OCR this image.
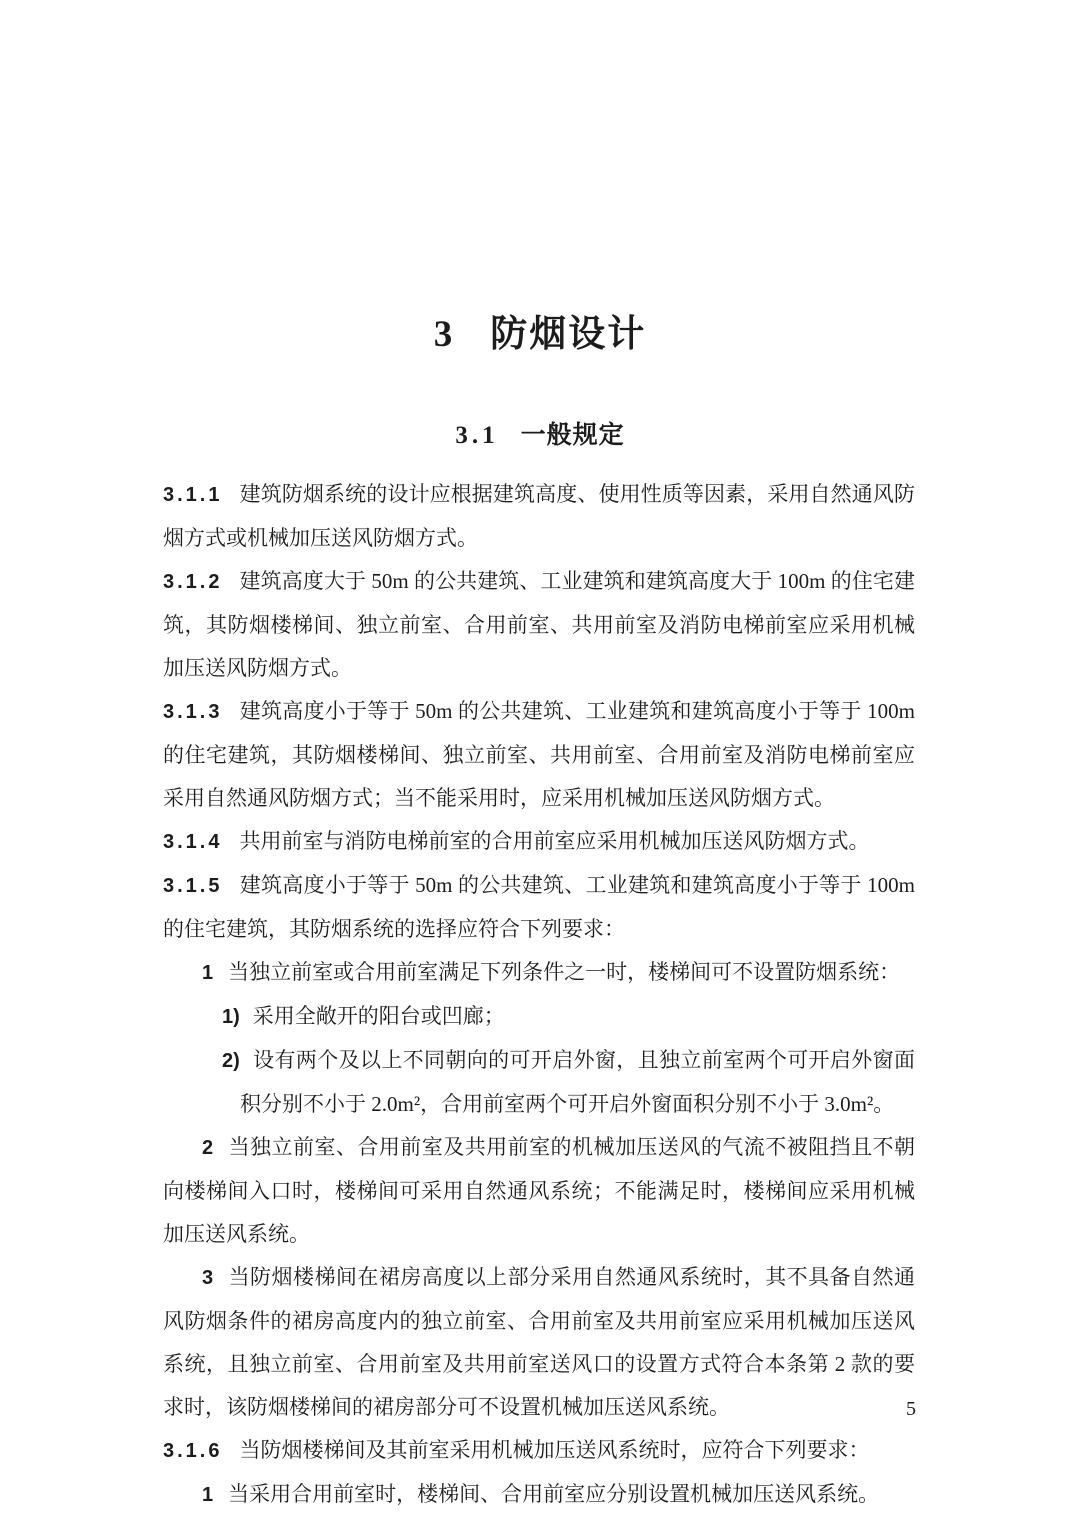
3 防烟设计
3.1 一般规定

3.1.1 建筑防烟系统的设计应根据建筑高度、使用性质等因素，采用自然通风防烟方式或机械加压送风防烟方式。

3.1.2 建筑高度大于 50m 的公共建筑、工业建筑和建筑高度大于 100m 的住宅建筑，其防烟楼梯间、独立前室、合用前室、共用前室及消防电梯前室应采用机械加压送风防烟方式。

3.1.3 建筑高度小于等于 50m 的公共建筑、工业建筑和建筑高度小于等于 100m 的住宅建筑，其防烟楼梯间、独立前室、共用前室、合用前室及消防电梯前室应采用自然通风防烟方式；当不能采用时，应采用机械加压送风防烟方式。

3.1.4 共用前室与消防电梯前室的合用前室应采用机械加压送风防烟方式。

3.1.5 建筑高度小于等于 50m 的公共建筑、工业建筑和建筑高度小于等于 100m 的住宅建筑，其防烟系统的选择应符合下列要求：

1 当独立前室或合用前室满足下列条件之一时，楼梯间可不设置防烟系统：

1) 采用全敞开的阳台或凹廊；

2) 设有两个及以上不同朝向的可开启外窗，且独立前室两个可开启外窗面积分别不小于 2.0m²，合用前室两个可开启外窗面积分别不小于 3.0m²。

2 当独立前室、合用前室及共用前室的机械加压送风的气流不被阻挡且不朝向楼梯间入口时，楼梯间可采用自然通风系统；不能满足时，楼梯间应采用机械加压送风系统。

3 当防烟楼梯间在裙房高度以上部分采用自然通风系统时，其不具备自然通风防烟条件的裙房高度内的独立前室、合用前室及共用前室应采用机械加压送风系统，且独立前室、合用前室及共用前室送风口的设置方式符合本条第 2 款的要求时，该防烟楼梯间的裙房部分可不设置机械加压送风系统。

3.1.6 当防烟楼梯间及其前室采用机械加压送风系统时，应符合下列要求：

1 当采用合用前室时，楼梯间、合用前室应分别设置机械加压送风系统。

5
